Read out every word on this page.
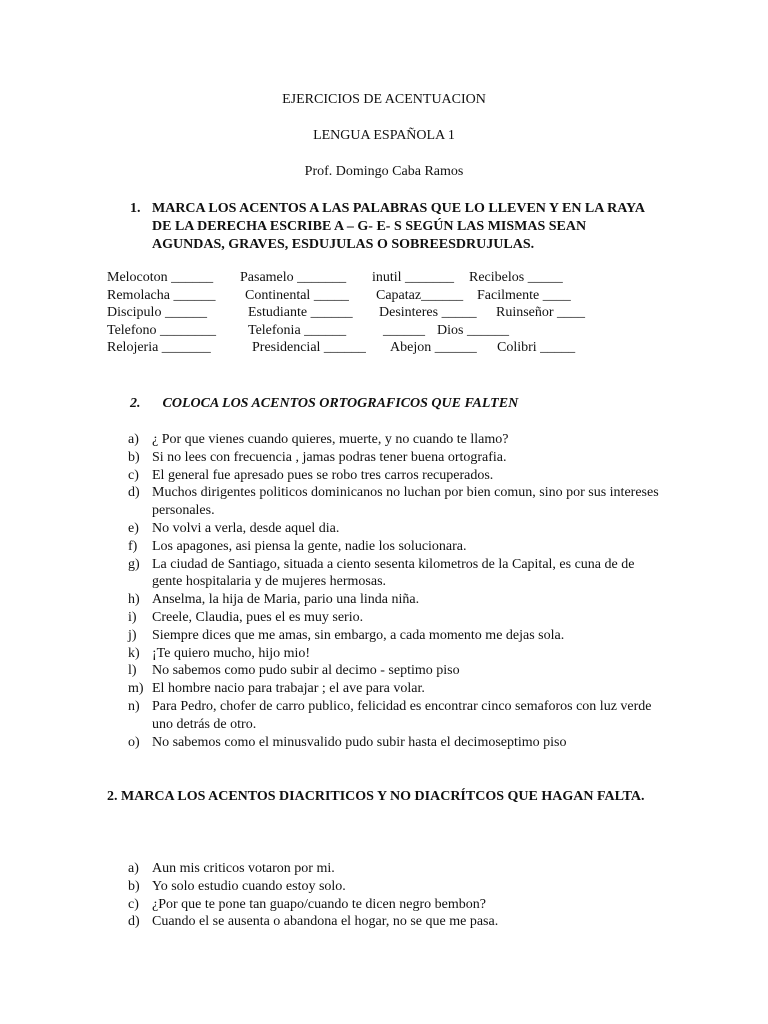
EJERCICIOS DE ACENTUACION
LENGUA ESPAÑOLA 1
Prof. Domingo Caba Ramos
1. MARCA LOS ACENTOS A LAS PALABRAS QUE LO LLEVEN Y EN LA RAYA DE LA DERECHA ESCRIBE A – G- E- S SEGÚN LAS MISMAS SEAN AGUNDAS, GRAVES, ESDUJULAS O SOBREESDRUJULAS.
Melocoton ______ Pasamelo _______ inutil _______ Recibelos _____
Remolacha ______ Continental _____ Capataz______ Facilmente ____
Discipulo ______	Estudiante ______ Desinteres _____ Ruinseñor ____
Telefono ________ Telefonia ______	______ Dios ______
Relojeria _______	Presidencial ______ Abejon ______ Colibri _____
2. COLOCA LOS ACENTOS ORTOGRAFICOS QUE FALTEN
a) ¿ Por que vienes cuando quieres, muerte, y no cuando te llamo?
b) Si no lees con frecuencia , jamas podras tener buena ortografia.
c) El general fue apresado pues se robo tres carros recuperados.
d) Muchos dirigentes politicos dominicanos no luchan por bien comun, sino por sus intereses personales.
e) No volvi a verla, desde aquel dia.
f) Los apagones, asi piensa la gente, nadie los solucionara.
g) La ciudad de Santiago, situada a ciento sesenta kilometros de la Capital, es cuna de de gente hospitalaria y de mujeres hermosas.
h) Anselma, la hija de Maria, pario una linda niña.
i) Creele, Claudia, pues el es muy serio.
j) Siempre dices que me amas, sin embargo, a cada momento me dejas sola.
k) ¡Te quiero mucho, hijo mio!
l) No sabemos como pudo subir al decimo - septimo piso
m) El hombre nacio para trabajar ; el ave para volar.
n) Para Pedro, chofer de carro publico, felicidad es encontrar cinco semaforos con luz verde uno detrás de otro.
o) No sabemos como el minusvalido pudo subir hasta el decimoseptimo piso
2. MARCA LOS ACENTOS DIACRITICOS Y NO DIACRÍTCOS QUE HAGAN FALTA.
a) Aun mis criticos votaron por mi.
b) Yo solo estudio cuando estoy solo.
c) ¿Por que te pone tan guapo/cuando te dicen negro bembon?
d) Cuando el se ausenta o abandona el hogar, no se que me pasa.
